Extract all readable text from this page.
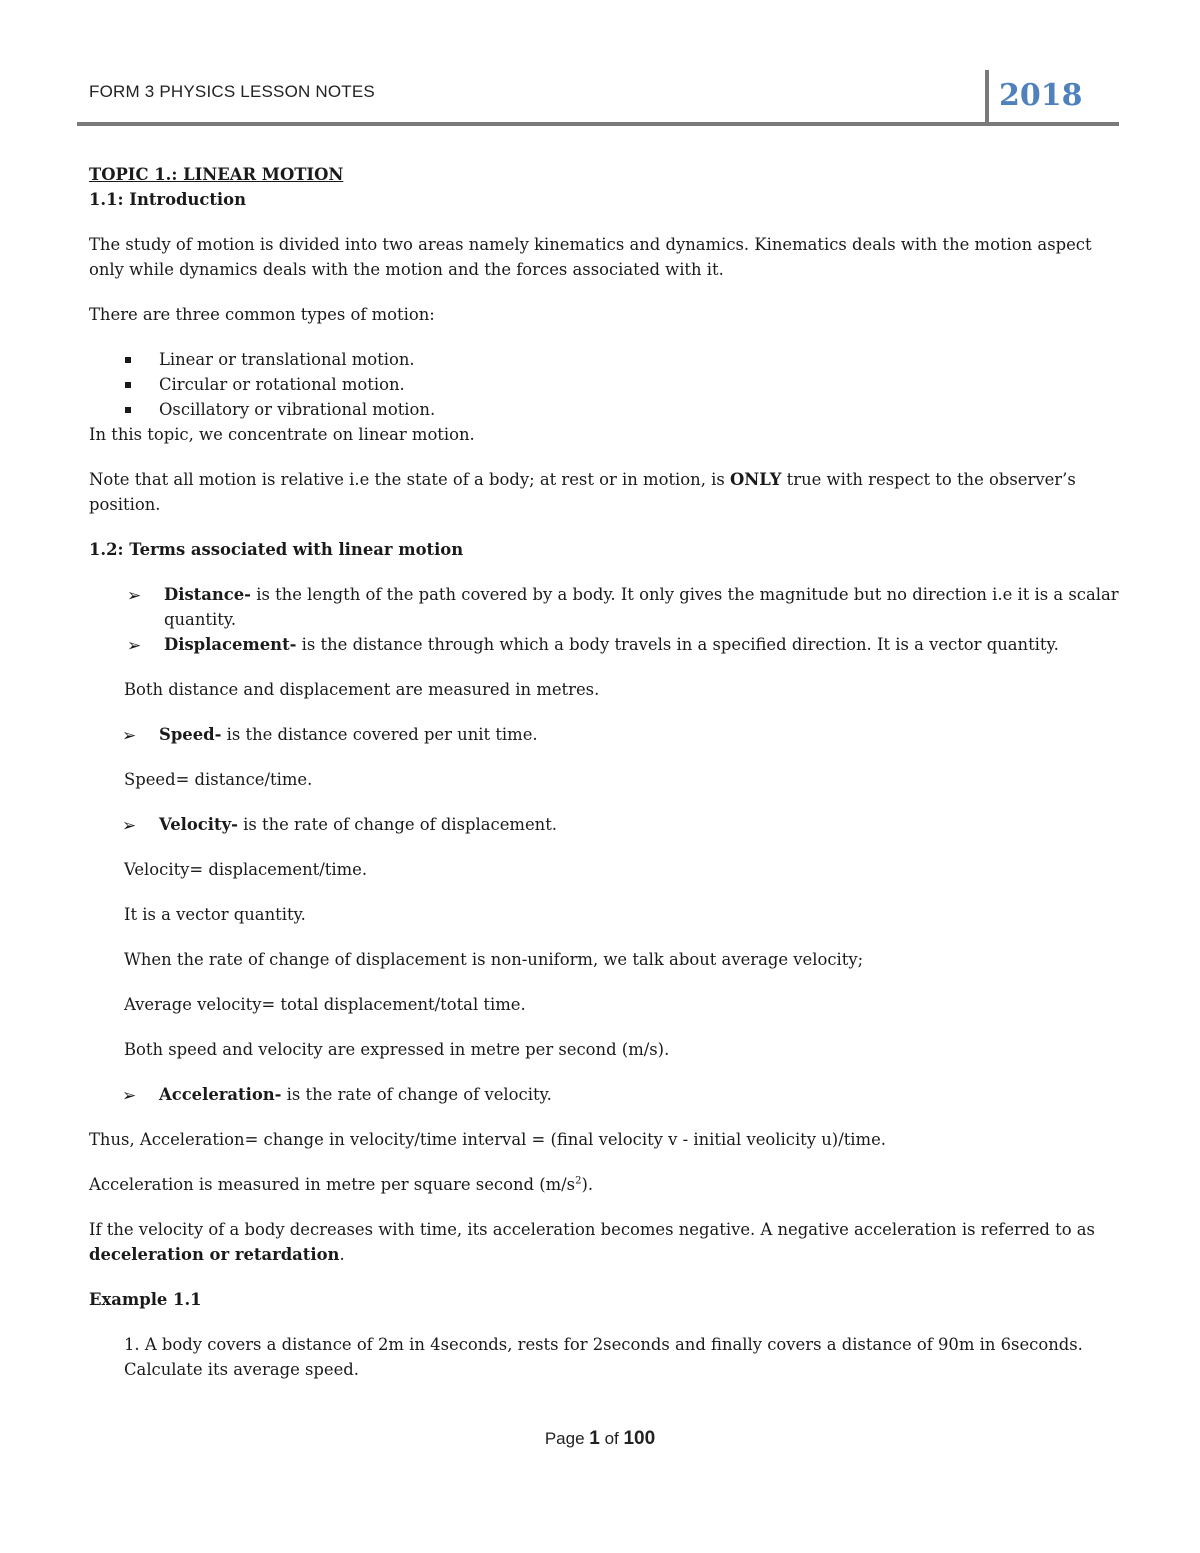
FORM 3 PHYSICS LESSON NOTES	2018

TOPIC 1.: LINEAR MOTION

1.1: Introduction

The study of motion is divided into two areas namely kinematics and dynamics. Kinematics deals with the motion aspect only while dynamics deals with the motion and the forces associated with it.

There are three common types of motion:

Linear or translational motion.
Circular or rotational motion.
Oscillatory or vibrational motion.

In this topic, we concentrate on linear motion.

Note that all motion is relative i.e the state of a body; at rest or in motion, is ONLY true with respect to the observer’s position.

1.2: Terms associated with linear motion

➢ Distance- is the length of the path covered by a body. It only gives the magnitude but no direction i.e it is a scalar quantity.
➢ Displacement- is the distance through which a body travels in a specified direction. It is a vector quantity.

Both distance and displacement are measured in metres.

➢ Speed- is the distance covered per unit time.

Speed= distance/time.

➢ Velocity- is the rate of change of displacement.

Velocity= displacement/time.

It is a vector quantity.

When the rate of change of displacement is non-uniform, we talk about average velocity;

Average velocity= total displacement/total time.

Both speed and velocity are expressed in metre per second (m/s).

➢ Acceleration- is the rate of change of velocity.

Thus, Acceleration= change in velocity/time interval = (final velocity v - initial veolicity u)/time.

Acceleration is measured in metre per square second $(m/s^2)$.

If the velocity of a body decreases with time, its acceleration becomes negative. A negative acceleration is referred to as deceleration or retardation.

Example 1.1

1. A body covers a distance of 2m in 4seconds, rests for 2seconds and finally covers a distance of 90m in 6seconds. Calculate its average speed.

Page 1 of 100
